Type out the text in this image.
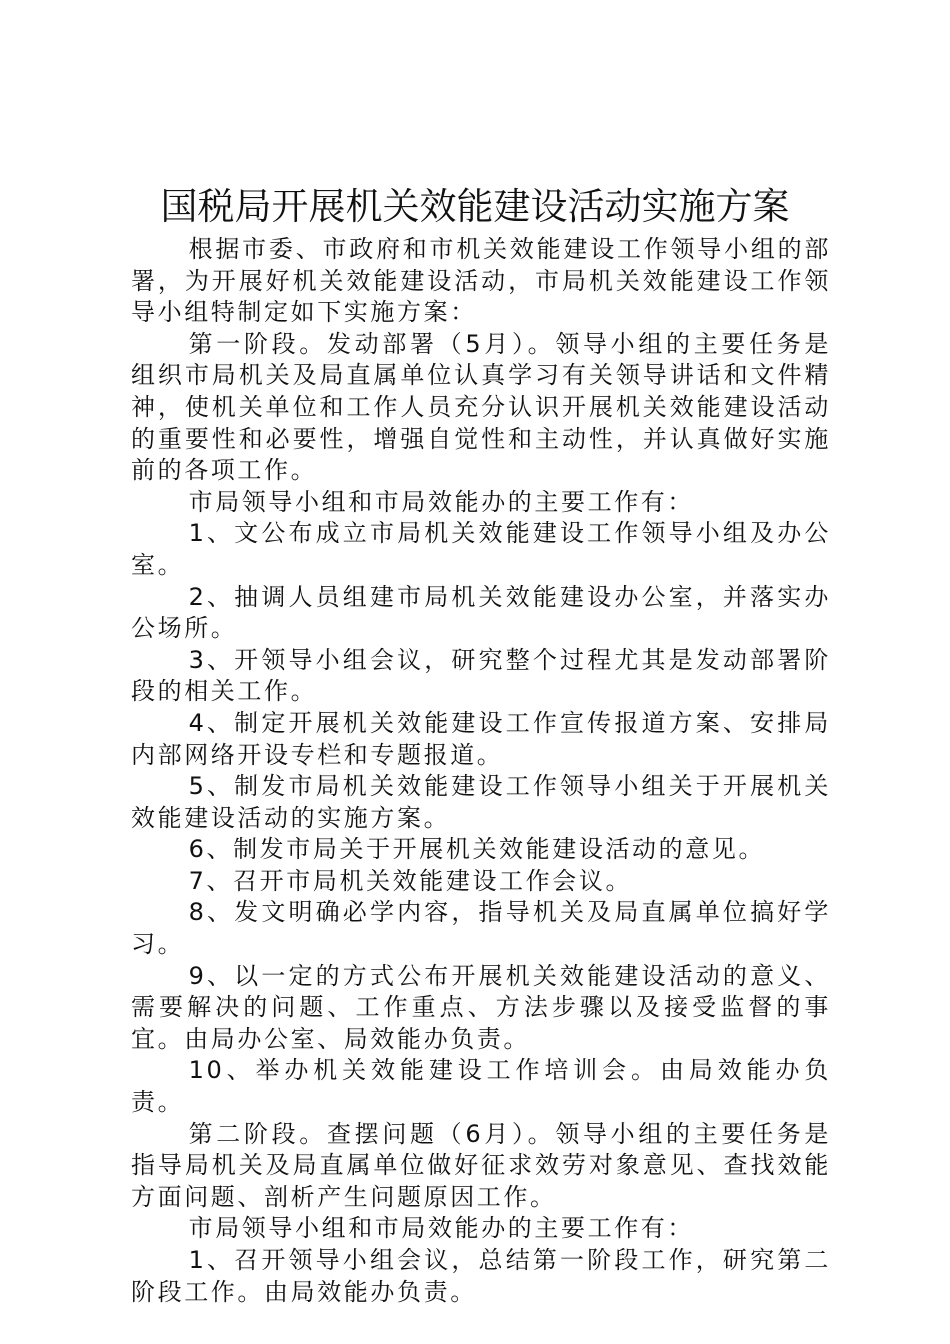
国税局开展机关效能建设活动实施方案

根据市委、市政府和市机关效能建设工作领导小组的部署，为开展好机关效能建设活动，市局机关效能建设工作领导小组特制定如下实施方案：

第一阶段。发动部署（5月）。领导小组的主要任务是组织市局机关及局直属单位认真学习有关领导讲话和文件精神，使机关单位和工作人员充分认识开展机关效能建设活动的重要性和必要性，增强自觉性和主动性，并认真做好实施前的各项工作。

市局领导小组和市局效能办的主要工作有：

1、文公布成立市局机关效能建设工作领导小组及办公室。

2、抽调人员组建市局机关效能建设办公室，并落实办公场所。

3、开领导小组会议，研究整个过程尤其是发动部署阶段的相关工作。

4、制定开展机关效能建设工作宣传报道方案、安排局内部网络开设专栏和专题报道。

5、制发市局机关效能建设工作领导小组关于开展机关效能建设活动的实施方案。

6、制发市局关于开展机关效能建设活动的意见。

7、召开市局机关效能建设工作会议。

8、发文明确必学内容，指导机关及局直属单位搞好学习。

9、以一定的方式公布开展机关效能建设活动的意义、需要解决的问题、工作重点、方法步骤以及接受监督的事宜。由局办公室、局效能办负责。

10、举办机关效能建设工作培训会。由局效能办负责。

第二阶段。查摆问题（6月）。领导小组的主要任务是指导局机关及局直属单位做好征求效劳对象意见、查找效能方面问题、剖析产生问题原因工作。

市局领导小组和市局效能办的主要工作有：

1、召开领导小组会议，总结第一阶段工作，研究第二阶段工作。由局效能办负责。
